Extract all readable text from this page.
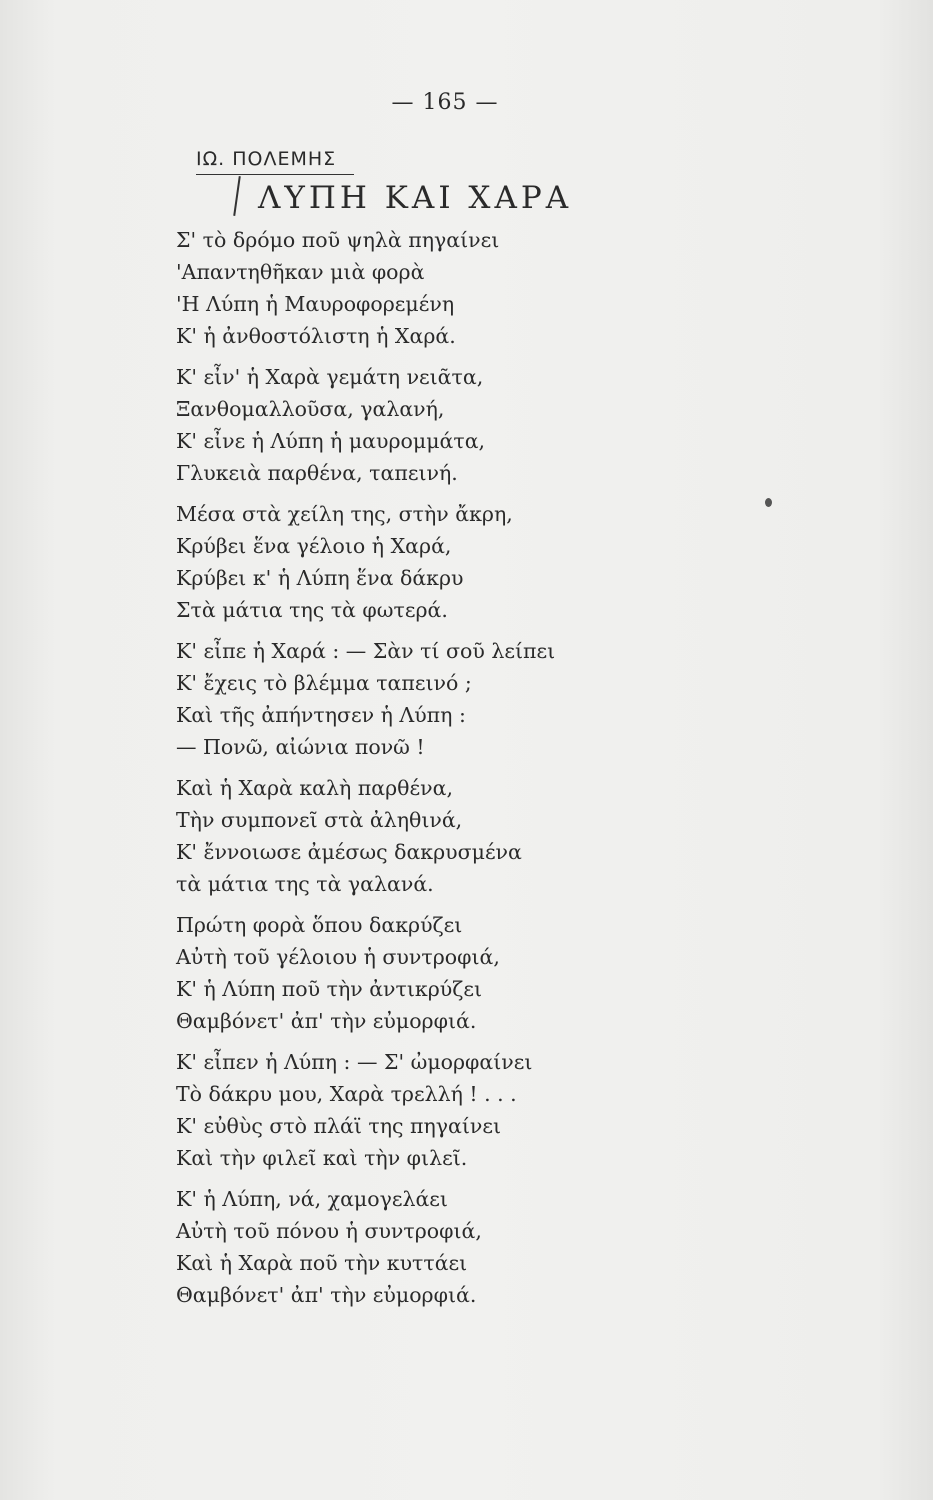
— 165 —
ΙΩ. ΠΟΛΕΜΗΣ
ΛΥΠΗ ΚΑΙ ΧΑΡΑ
Σ' τὸ δρόμο ποῦ ψηλὰ πηγαίνει
'Απαντηθῆκαν μιὰ φορὰ
'Η Λύπη ἡ Μαυροφορεμένη
Κ' ἡ ἀνθοστόλιστη ἡ Χαρά.
Κ' εἶν' ἡ Χαρὰ γεμάτη νειᾶτα,
Ξανθομαλλοῦσα, γαλανή,
Κ' εἶνε ἡ Λύπη ἡ μαυρομμάτα,
Γλυκειὰ παρθένα, ταπεινή.
Μέσα στὰ χείλη της, στὴν ἄκρη,
Κρύβει ἕνα γέλοιο ἡ Χαρά,
Κρύβει κ' ἡ Λύπη ἕνα δάκρυ
Στὰ μάτια της τὰ φωτερά.
Κ' εἶπε ἡ Χαρά : — Σὰν τί σοῦ λείπει
Κ' ἔχεις τὸ βλέμμα ταπεινό ;
Καὶ τῆς ἀπήντησεν ἡ Λύπη :
— Πονῶ, αἰώνια πονῶ !
Καὶ ἡ Χαρὰ καλὴ παρθένα,
Τὴν συμπονεῖ στὰ ἀληθινά,
Κ' ἔννοιωσε ἀμέσως δακρυσμένα
τὰ μάτια της τὰ γαλανά.
Πρώτη φορὰ ὅπου δακρύζει
Αὐτὴ τοῦ γέλοιου ἡ συντροφιά,
Κ' ἡ Λύπη ποῦ τὴν ἀντικρύζει
Θαμβόνετ' ἀπ' τὴν εὐμορφιά.
Κ' εἶπεν ἡ Λύπη : — Σ' ὠμορφαίνει
Τὸ δάκρυ μου, Χαρὰ τρελλή ! . . .
Κ' εὐθὺς στὸ πλάϊ της πηγαίνει
Καὶ τὴν φιλεῖ καὶ τὴν φιλεῖ.
Κ' ἡ Λύπη, νά, χαμογελάει
Αὐτὴ τοῦ πόνου ἡ συντροφιά,
Καὶ ἡ Χαρὰ ποῦ τὴν κυττάει
Θαμβόνετ' ἀπ' τὴν εὐμορφιά.
